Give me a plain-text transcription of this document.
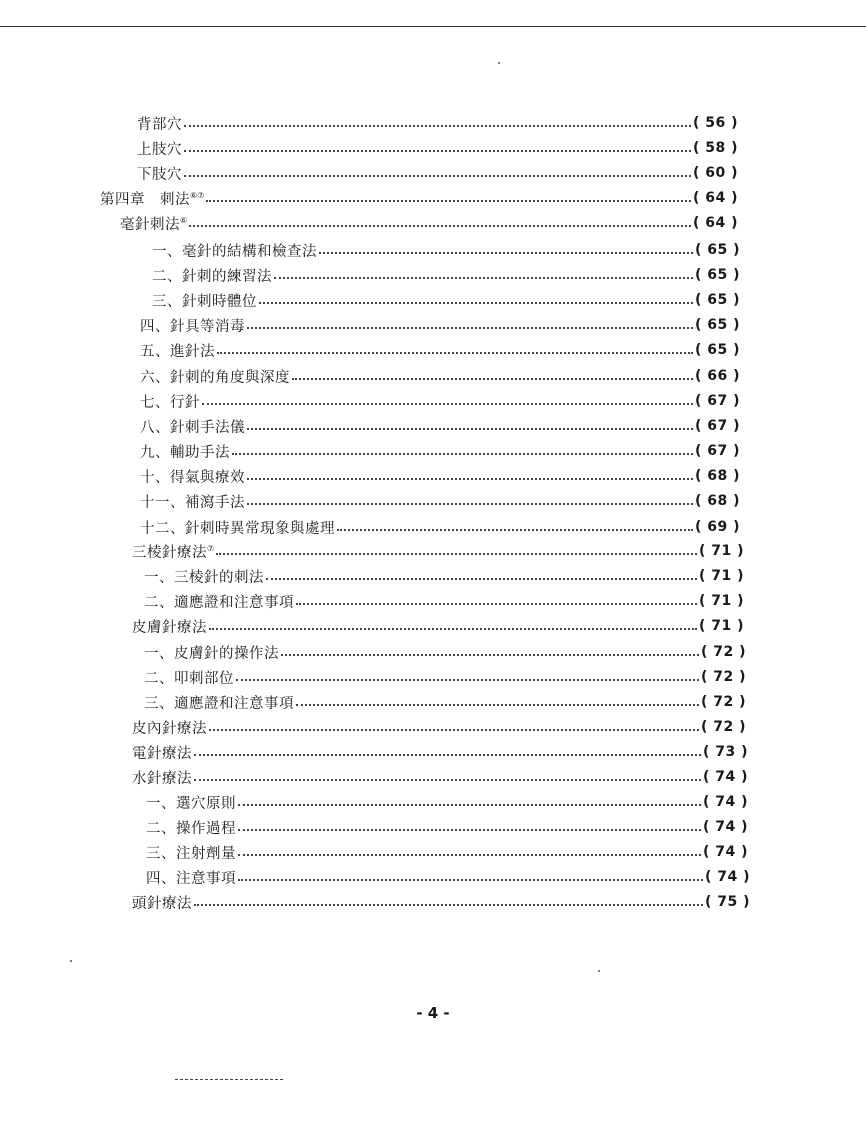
背部穴	( 56 )
上肢穴	( 58 )
下肢穴	( 60 )
第四章　刺法⑥⑦	( 64 )
毫針刺法⑥	( 64 )
一、毫針的結構和檢查法	( 65 )
二、針刺的練習法	( 65 )
三、針刺時體位	( 65 )
四、針具等消毒	( 65 )
五、進針法	( 65 )
六、針刺的角度與深度	( 66 )
七、行針	( 67 )
八、針刺手法儀	( 67 )
九、輔助手法	( 67 )
十、得氣與療效	( 68 )
十一、補瀉手法	( 68 )
十二、針刺時異常現象與處理	( 69 )
三棱針療法⑦	( 71 )
一、三棱針的刺法	( 71 )
二、適應證和注意事項	( 71 )
皮膚針療法	( 71 )
一、皮膚針的操作法	( 72 )
二、叩刺部位	( 72 )
三、適應證和注意事項	( 72 )
皮內針療法	( 72 )
電針療法	( 73 )
水針療法	( 74 )
一、選穴原則	( 74 )
二、操作過程	( 74 )
三、注射劑量	( 74 )
四、注意事項	( 74 )
頭針療法	( 75 )
- 4 -
